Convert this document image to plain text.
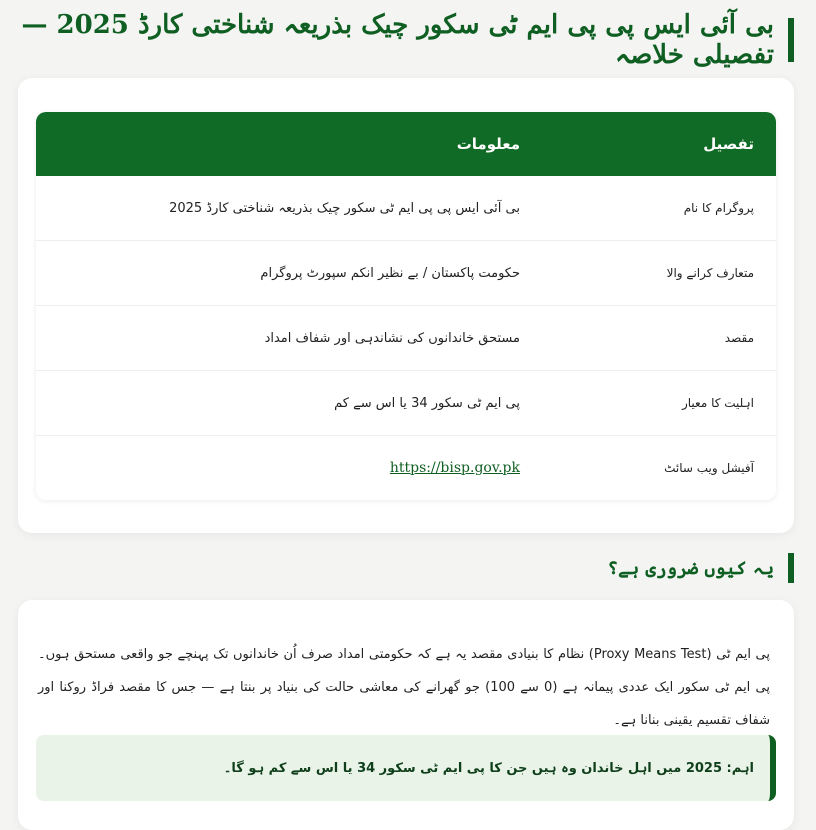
بی آئی ایس پی پی ایم ٹی سکور چیک بذریعہ شناختی کارڈ 2025 — تفصیلی خلاصہ
تفصیل	معلومات
پروگرام کا نام	بی آئی ایس پی پی ایم ٹی سکور چیک بذریعہ شناختی کارڈ 2025
متعارف کرانے والا	حکومت پاکستان / بے نظیر انکم سپورٹ پروگرام
مقصد	مستحق خاندانوں کی نشاندہی اور شفاف امداد
اہلیت کا معیار	پی ایم ٹی سکور 34 یا اس سے کم
آفیشل ویب سائٹ	https://bisp.gov.pk
یہ کیوں ضروری ہے؟

پی ایم ٹی (Proxy Means Test) نظام کا بنیادی مقصد یہ ہے کہ حکومتی امداد صرف اُن خاندانوں تک پہنچے جو واقعی مستحق ہوں۔ پی ایم ٹی سکور ایک عددی پیمانہ ہے (0 سے 100) جو گھرانے کی معاشی حالت کی بنیاد پر بنتا ہے — جس کا مقصد فراڈ روکنا اور شفاف تقسیم یقینی بنانا ہے۔

اہم: 2025 میں اہل خاندان وہ ہیں جن کا پی ایم ٹی سکور 34 یا اس سے کم ہو گا۔
